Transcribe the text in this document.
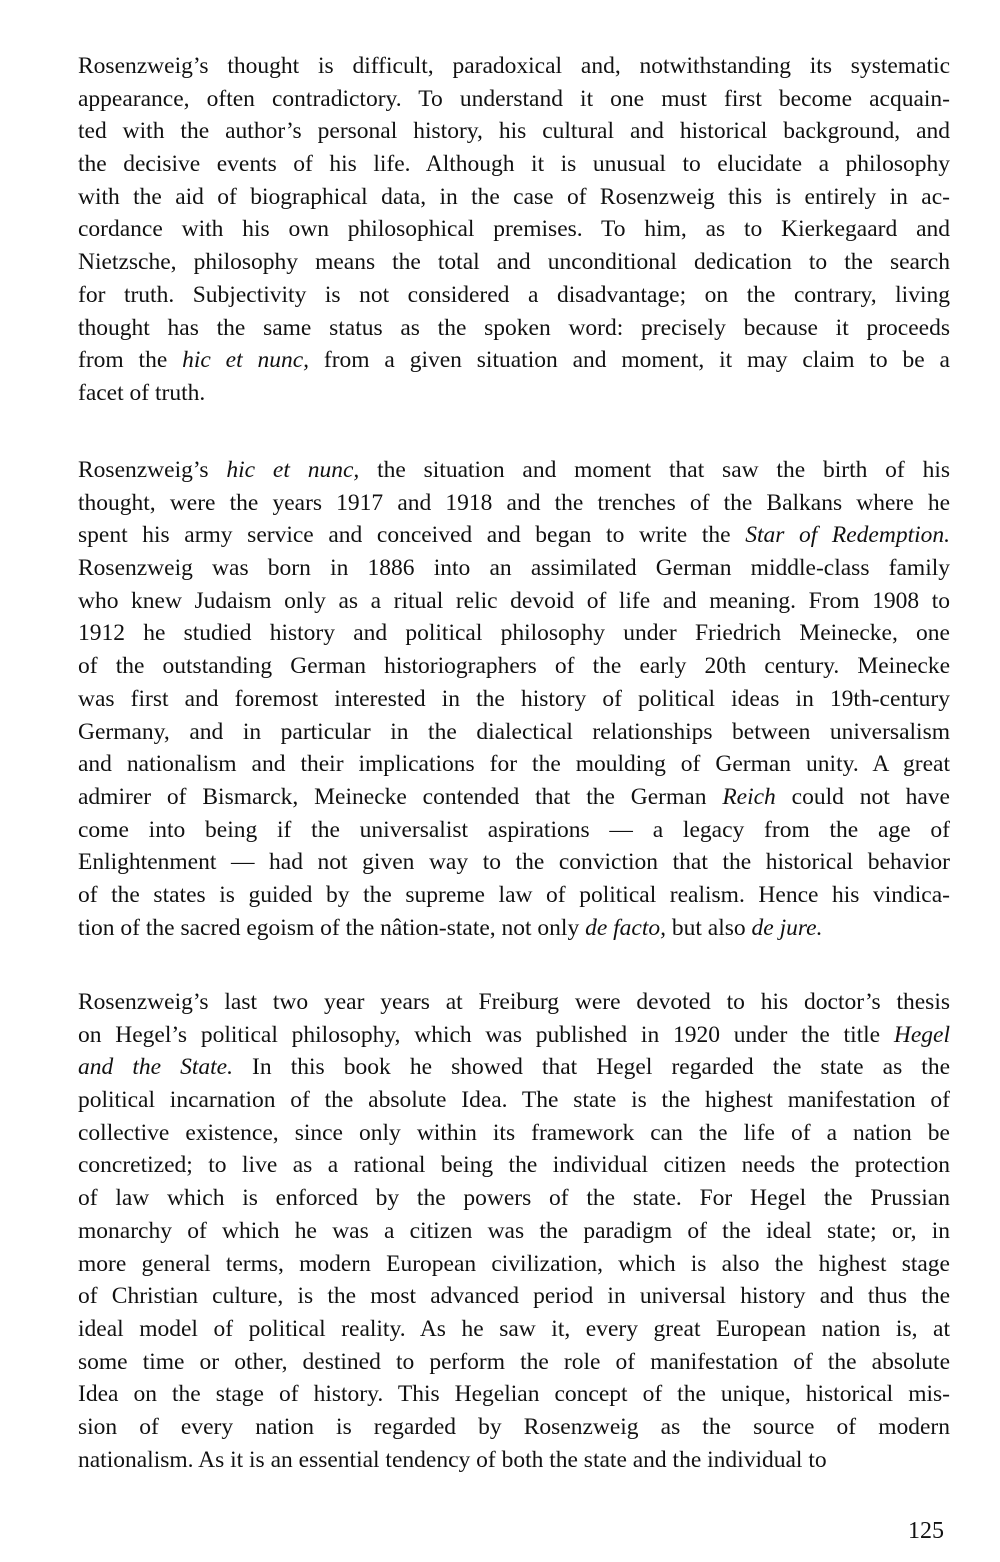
Rosenzweig’s thought is difficult, paradoxical and, notwithstanding its systematic
appearance, often contradictory. To understand it one must first become acquain-
ted with the author’s personal history, his cultural and historical background, and
the decisive events of his life. Although it is unusual to elucidate a philosophy
with the aid of biographical data, in the case of Rosenzweig this is entirely in ac-
cordance with his own philosophical premises. To him, as to Kierkegaard and
Nietzsche, philosophy means the total and unconditional dedication to the search
for truth. Subjectivity is not considered a disadvantage; on the contrary, living
thought has the same status as the spoken word: precisely because it proceeds
from the hic et nunc, from a given situation and moment, it may claim to be a
facet of truth.
Rosenzweig’s hic et nunc, the situation and moment that saw the birth of his
thought, were the years 1917 and 1918 and the trenches of the Balkans where he
spent his army service and conceived and began to write the Star of Redemption.
Rosenzweig was born in 1886 into an assimilated German middle-class family
who knew Judaism only as a ritual relic devoid of life and meaning. From 1908 to
1912 he studied history and political philosophy under Friedrich Meinecke, one
of the outstanding German historiographers of the early 20th century. Meinecke
was first and foremost interested in the history of political ideas in 19th-century
Germany, and in particular in the dialectical relationships between universalism
and nationalism and their implications for the moulding of German unity. A great
admirer of Bismarck, Meinecke contended that the German Reich could not have
come into being if the universalist aspirations — a legacy from the age of
Enlightenment — had not given way to the conviction that the historical behavior
of the states is guided by the supreme law of political realism. Hence his vindica-
tion of the sacred egoism of the nâtion-state, not only de facto, but also de jure.
Rosenzweig’s last two year years at Freiburg were devoted to his doctor’s thesis
on Hegel’s political philosophy, which was published in 1920 under the title Hegel
and the State. In this book he showed that Hegel regarded the state as the
political incarnation of the absolute Idea. The state is the highest manifestation of
collective existence, since only within its framework can the life of a nation be
concretized; to live as a rational being the individual citizen needs the protection
of law which is enforced by the powers of the state. For Hegel the Prussian
monarchy of which he was a citizen was the paradigm of the ideal state; or, in
more general terms, modern European civilization, which is also the highest stage
of Christian culture, is the most advanced period in universal history and thus the
ideal model of political reality. As he saw it, every great European nation is, at
some time or other, destined to perform the role of manifestation of the absolute
Idea on the stage of history. This Hegelian concept of the unique, historical mis-
sion of every nation is regarded by Rosenzweig as the source of modern
nationalism. As it is an essential tendency of both the state and the individual to
125
